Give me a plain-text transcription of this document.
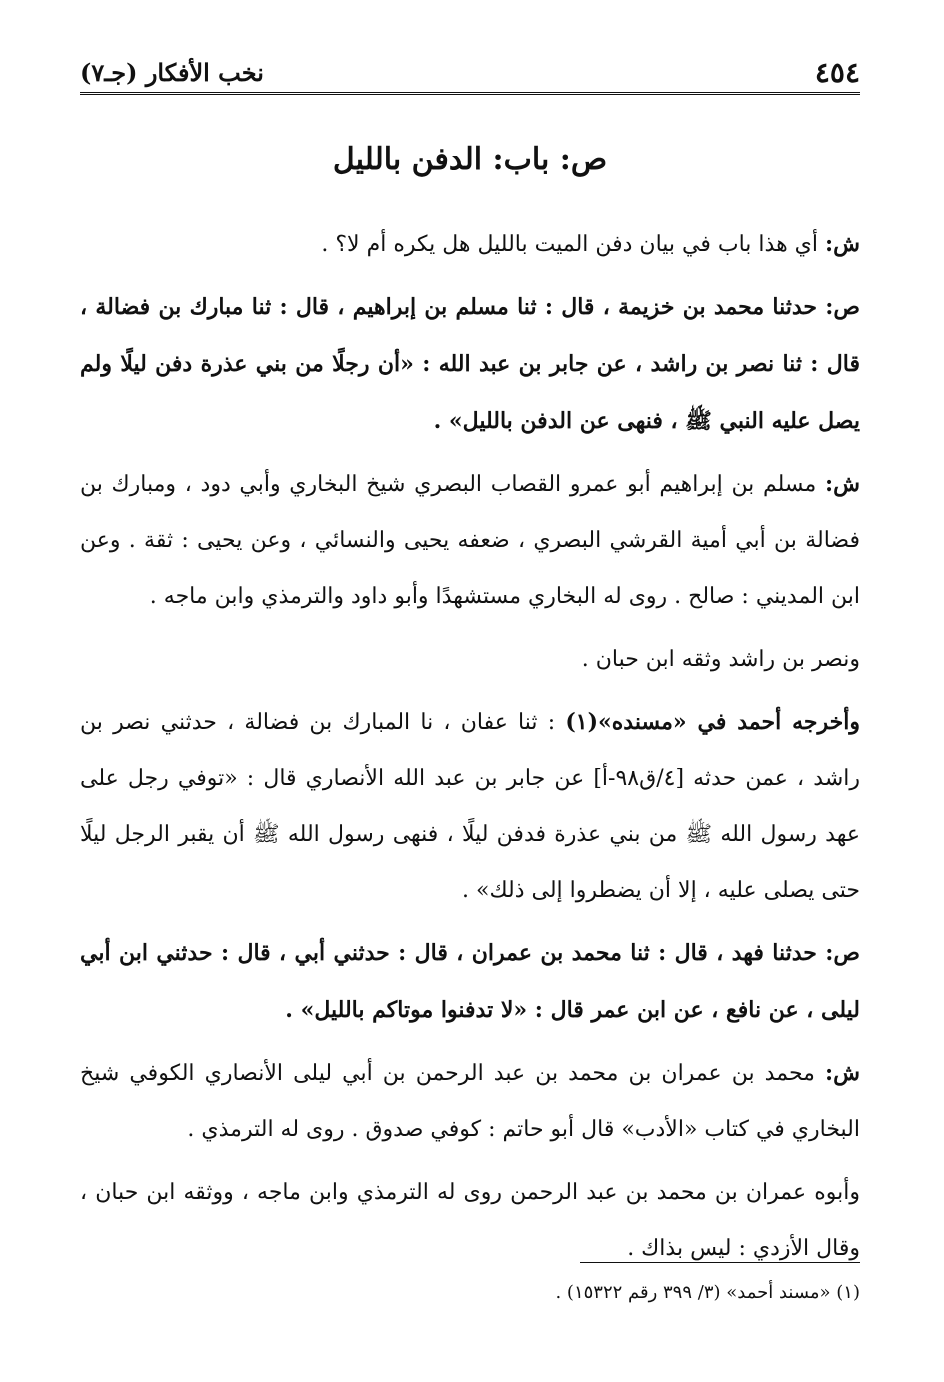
٤٥٤
نخب الأفكار (جـ٧)
ص: باب: الدفن بالليل

ش: أي هذا باب في بيان دفن الميت بالليل هل يكره أم لا؟ .

ص: حدثنا محمد بن خزيمة ، قال : ثنا مسلم بن إبراهيم ، قال : ثنا مبارك بن فضالة ، قال : ثنا نصر بن راشد ، عن جابر بن عبد الله : «أن رجلًا من بني عذرة دفن ليلًا ولم يصل عليه النبي ﷺ ، فنهى عن الدفن بالليل» .

ش: مسلم بن إبراهيم أبو عمرو القصاب البصري شيخ البخاري وأبي دود ، ومبارك بن فضالة بن أبي أمية القرشي البصري ، ضعفه يحيى والنسائي ، وعن يحيى : ثقة . وعن ابن المديني : صالح . روى له البخاري مستشهدًا وأبو داود والترمذي وابن ماجه .

ونصر بن راشد وثقه ابن حبان .

وأخرجه أحمد في «مسنده»(١) : ثنا عفان ، نا المبارك بن فضالة ، حدثني نصر بن راشد ، عمن حدثه [٤/ق٩٨-أ] عن جابر بن عبد الله الأنصاري قال : «توفي رجل على عهد رسول الله ﷺ من بني عذرة فدفن ليلًا ، فنهى رسول الله ﷺ أن يقبر الرجل ليلًا حتى يصلى عليه ، إلا أن يضطروا إلى ذلك» .

ص: حدثنا فهد ، قال : ثنا محمد بن عمران ، قال : حدثني أبي ، قال : حدثني ابن أبي ليلى ، عن نافع ، عن ابن عمر قال : «لا تدفنوا موتاكم بالليل» .

ش: محمد بن عمران بن محمد بن عبد الرحمن بن أبي ليلى الأنصاري الكوفي شيخ البخاري في كتاب «الأدب» قال أبو حاتم : كوفي صدوق . روى له الترمذي .

وأبوه عمران بن محمد بن عبد الرحمن روى له الترمذي وابن ماجه ، ووثقه ابن حبان ، وقال الأزدي : ليس بذاك .

(١) «مسند أحمد» (٣/ ٣٩٩ رقم ١٥٣٢٢) .
